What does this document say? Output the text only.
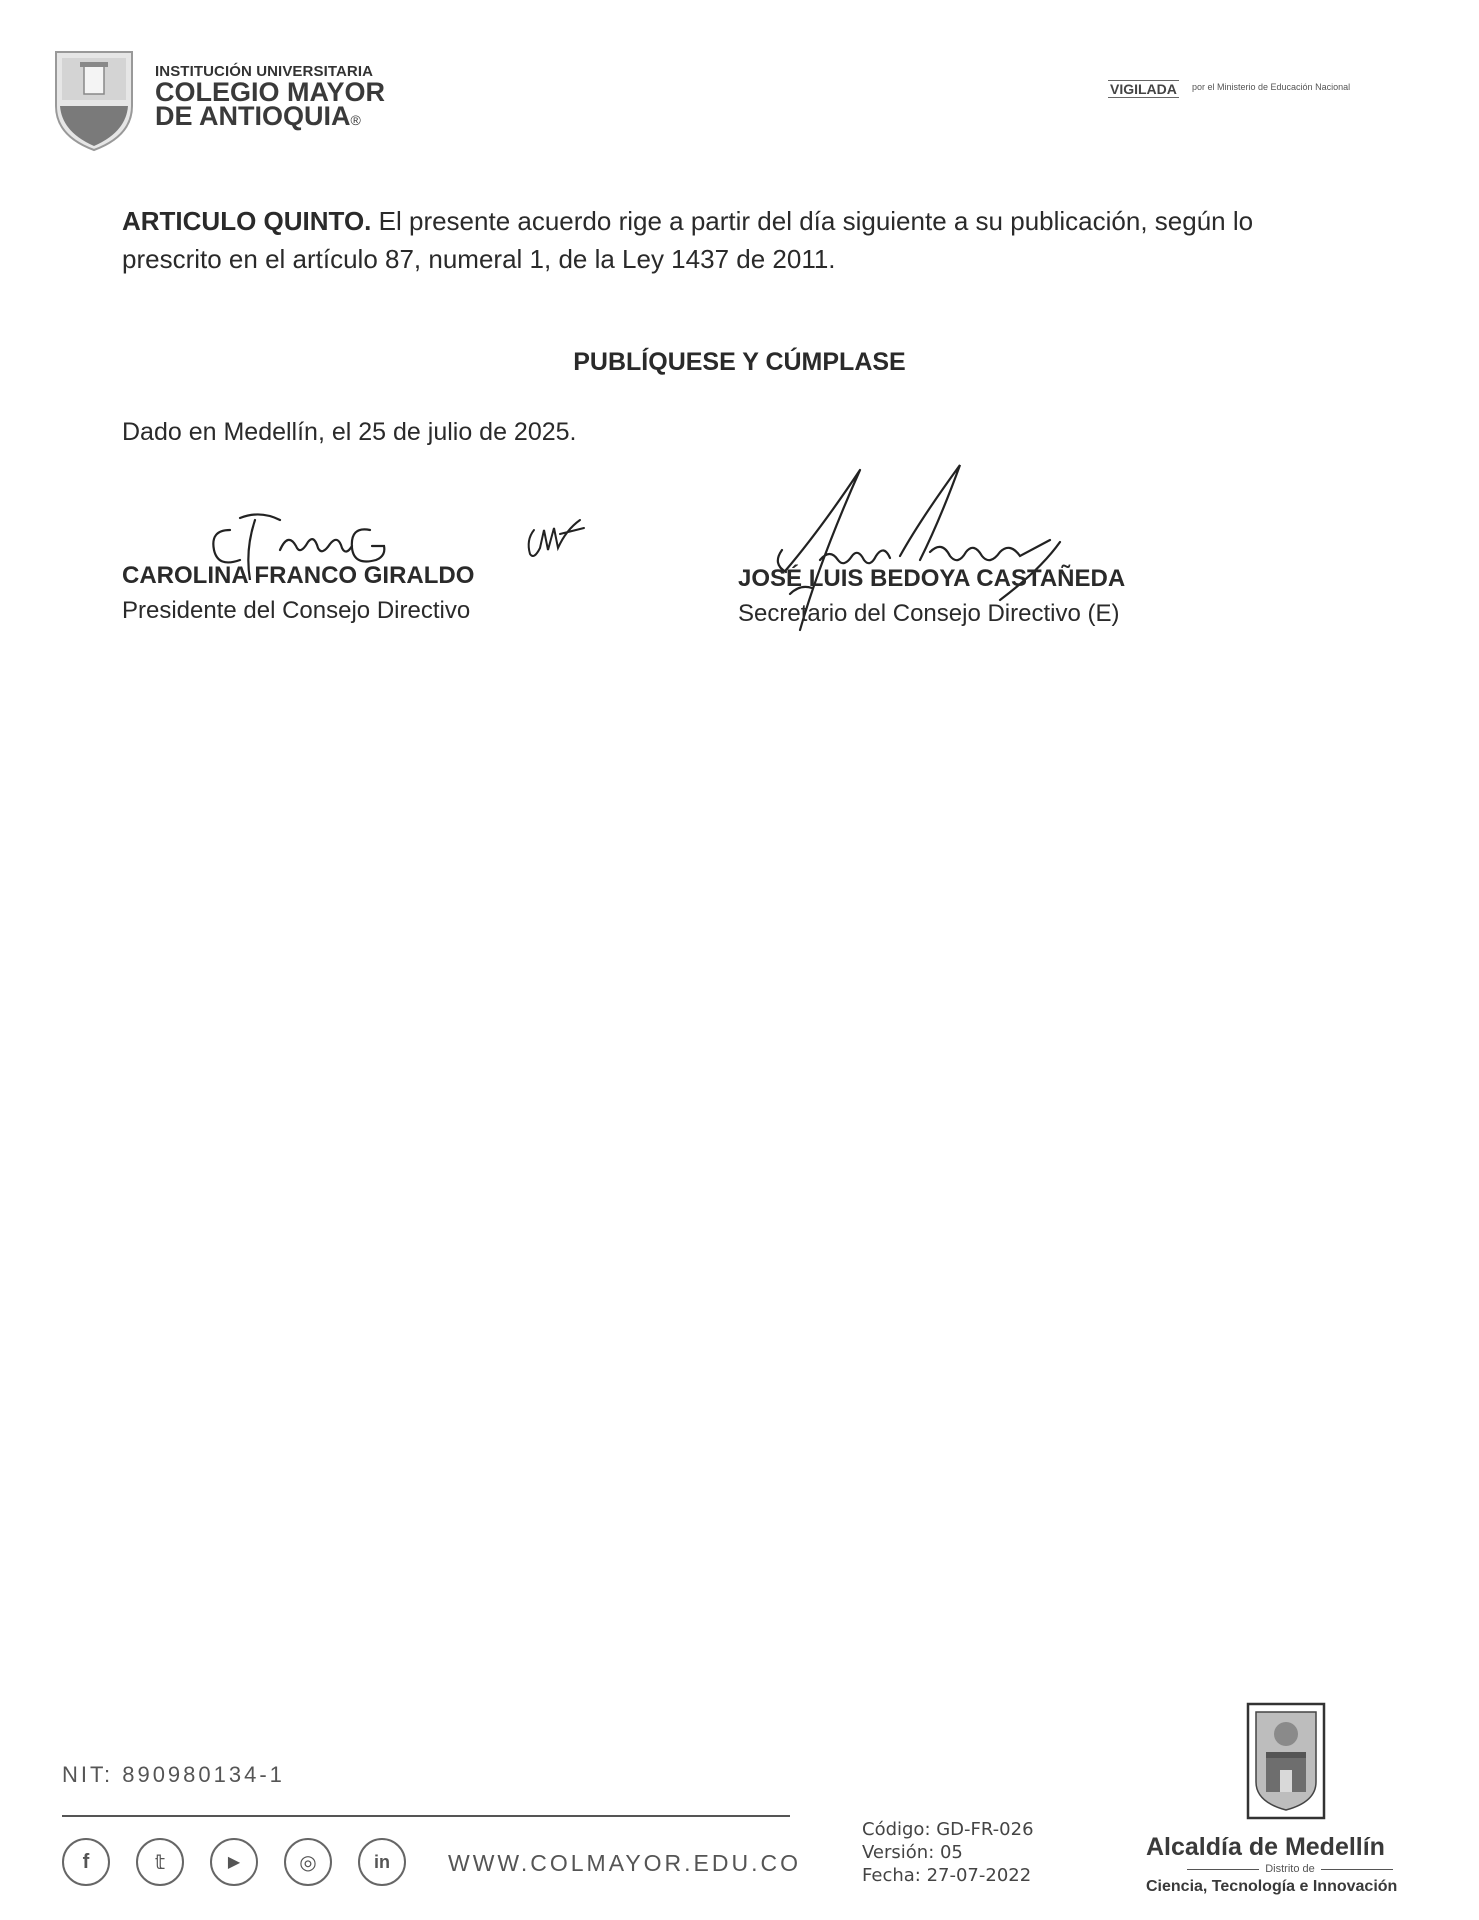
INSTITUCIÓN UNIVERSITARIA
COLEGIO MAYOR
DE ANTIOQUIA®
VIGILADA por el Ministerio de Educación Nacional
ARTICULO QUINTO. El presente acuerdo rige a partir del día siguiente a su publicación, según lo prescrito en el artículo 87, numeral 1, de la Ley 1437 de 2011.
PUBLÍQUESE Y CÚMPLASE
Dado en Medellín, el 25 de julio de 2025.
CAROLINA FRANCO GIRALDO
Presidente del Consejo Directivo
JOSÉ LUIS BEDOYA CASTAÑEDA
Secretario del Consejo Directivo (E)
NIT: 890980134-1
f	𝕥	▶	◎	in	WWW.COLMAYOR.EDU.CO
Código: GD-FR-026
Versión: 05
Fecha: 27-07-2022
Alcaldía de Medellín
Distrito de
Ciencia, Tecnología e Innovación
